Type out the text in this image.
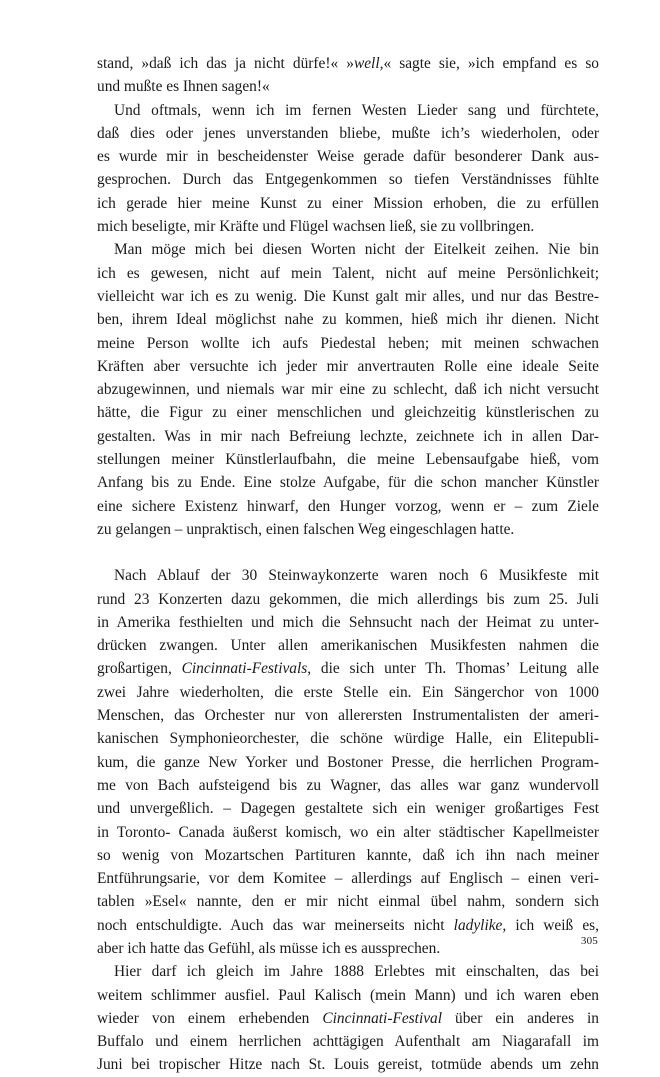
stand, »daß ich das ja nicht dürfe!« »well,« sagte sie, »ich empfand es so
und mußte es Ihnen sagen!«

Und oftmals, wenn ich im fernen Westen Lieder sang und fürchtete,
daß dies oder jenes unverstanden bliebe, mußte ich’s wiederholen, oder
es wurde mir in bescheidenster Weise gerade dafür besonderer Dank aus-
gesprochen. Durch das Entgegenkommen so tiefen Verständnisses fühlte
ich gerade hier meine Kunst zu einer Mission erhoben, die zu erfüllen
mich beseligte, mir Kräfte und Flügel wachsen ließ, sie zu vollbringen.

Man möge mich bei diesen Worten nicht der Eitelkeit zeihen. Nie bin
ich es gewesen, nicht auf mein Talent, nicht auf meine Persönlichkeit;
vielleicht war ich es zu wenig. Die Kunst galt mir alles, und nur das Bestre-
ben, ihrem Ideal möglichst nahe zu kommen, hieß mich ihr dienen. Nicht
meine Person wollte ich aufs Piedestal heben; mit meinen schwachen
Kräften aber versuchte ich jeder mir anvertrauten Rolle eine ideale Seite
abzugewinnen, und niemals war mir eine zu schlecht, daß ich nicht versucht
hätte, die Figur zu einer menschlichen und gleichzeitig künstlerischen zu
gestalten. Was in mir nach Befreiung lechzte, zeichnete ich in allen Dar-
stellungen meiner Künstlerlaufbahn, die meine Lebensaufgabe hieß, vom
Anfang bis zu Ende. Eine stolze Aufgabe, für die schon mancher Künstler
eine sichere Existenz hinwarf, den Hunger vorzog, wenn er – zum Ziele
zu gelangen – unpraktisch, einen falschen Weg eingeschlagen hatte.

Nach Ablauf der 30 Steinwaykonzerte waren noch 6 Musikfeste mit
rund 23 Konzerten dazu gekommen, die mich allerdings bis zum 25. Juli
in Amerika festhielten und mich die Sehnsucht nach der Heimat zu unter-
drücken zwangen. Unter allen amerikanischen Musikfesten nahmen die
großartigen, Cincinnati-Festivals, die sich unter Th. Thomas’ Leitung alle
zwei Jahre wiederholten, die erste Stelle ein. Ein Sängerchor von 1000
Menschen, das Orchester nur von allerersten Instrumentalisten der ameri-
kanischen Symphonieorchester, die schöne würdige Halle, ein Elitepubli-
kum, die ganze New Yorker und Bostoner Presse, die herrlichen Program-
me von Bach aufsteigend bis zu Wagner, das alles war ganz wundervoll
und unvergeßlich. – Dagegen gestaltete sich ein weniger großartiges Fest
in Toronto- Canada äußerst komisch, wo ein alter städtischer Kapellmeister
so wenig von Mozartschen Partituren kannte, daß ich ihn nach meiner
Entführungsarie, vor dem Komitee – allerdings auf Englisch – einen veri-
tablen »Esel« nannte, den er mir nicht einmal übel nahm, sondern sich
noch entschuldigte. Auch das war meinerseits nicht ladylike, ich weiß es,
aber ich hatte das Gefühl, als müsse ich es aussprechen.

Hier darf ich gleich im Jahre 1888 Erlebtes mit einschalten, das bei
weitem schlimmer ausfiel. Paul Kalisch (mein Mann) und ich waren eben
wieder von einem erhebenden Cincinnati-Festival über ein anderes in
Buffalo und einem herrlichen achttägigen Aufenthalt am Niagarafall im
Juni bei tropischer Hitze nach St. Louis gereist, totmüde abends um zehn

305
